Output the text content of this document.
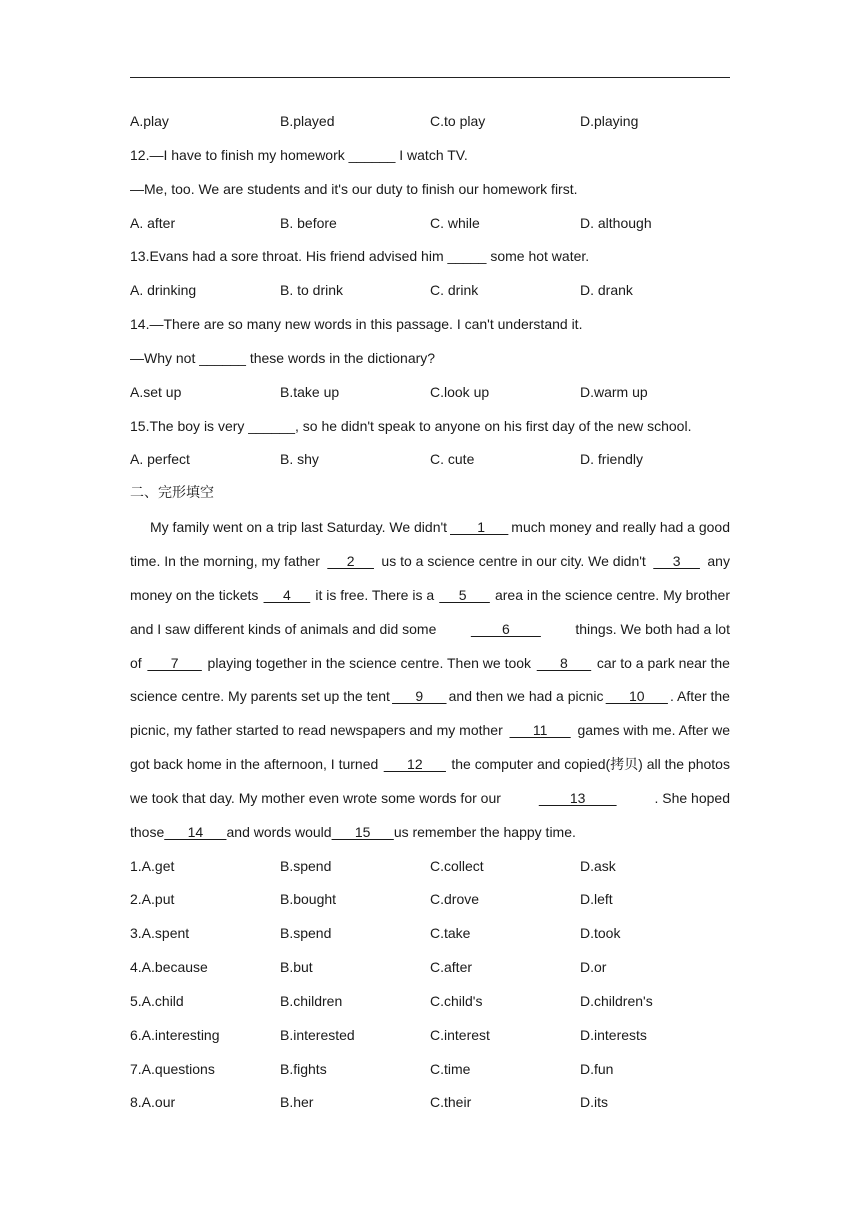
A.play	B.played	C.to play	D.playing
12.—I have to finish my homework ______ I watch TV.
—Me, too. We are students and it's our duty to finish our homework first.
A. after	B. before	C. while	D. although
13.Evans had a sore throat. His friend advised him _____ some hot water.
A. drinking	B. to drink	C. drink	D. drank
14.—There are so many new words in this passage. I can't understand it.
—Why not ______ these words in the dictionary?
A.set up	B.take up	C.look up	D.warm up
15.The boy is very ______, so he didn't speak to anyone on his first day of the new school.
A. perfect	B. shy	C. cute	D. friendly
二、完形填空
My family went on a trip last Saturday. We didn't 1 much money and really had a good
time. In the morning, my father 2 us to a science centre in our city. We didn't 3 any
money on the tickets 4 it is free. There is a 5 area in the science centre. My brother
and I saw different kinds of animals and did some 6 things. We both had a lot
of 7 playing together in the science centre. Then we took 8 car to a park near the
science centre. My parents set up the tent 9 and then we had a picnic 10 . After the
picnic, my father started to read newspapers and my mother 11 games with me. After we
got back home in the afternoon, I turned 12 the computer and copied(拷贝) all the photos
we took that day. My mother even wrote some words for our	13	. She hoped
those 14 and words would 15 us remember the happy time.
1.A.get	B.spend	C.collect	D.ask
2.A.put	B.bought	C.drove	D.left
3.A.spent	B.spend	C.take	D.took
4.A.because	B.but	C.after	D.or
5.A.child	B.children	C.child's	D.children's
6.A.interesting	B.interested	C.interest	D.interests
7.A.questions	B.fights	C.time	D.fun
8.A.our	B.her	C.their	D.its
